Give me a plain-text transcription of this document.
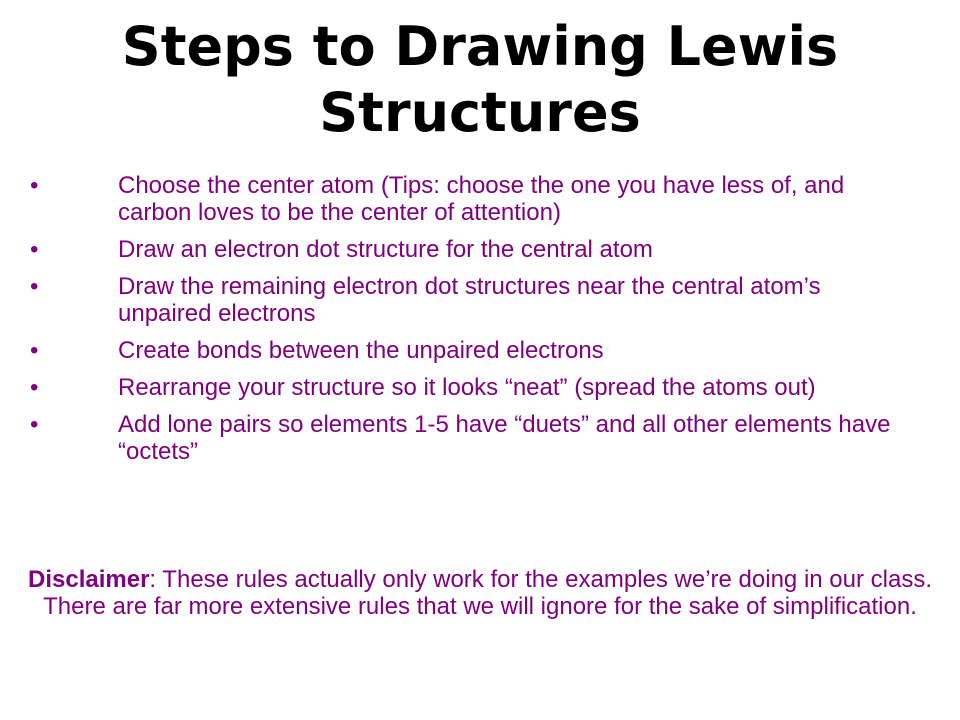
Steps to Drawing Lewis Structures
•	Choose the center atom (Tips: choose the one you have less of, and carbon loves to be the center of attention)
•	Draw an electron dot structure for the central atom
•	Draw the remaining electron dot structures near the central atom’s unpaired electrons
•	Create bonds between the unpaired electrons
•	Rearrange your structure so it looks “neat” (spread the atoms out)
•	Add lone pairs so elements 1-5 have “duets” and all other elements have “octets”
Disclaimer: These rules actually only work for the examples we’re doing in our class. There are far more extensive rules that we will ignore for the sake of simplification.
